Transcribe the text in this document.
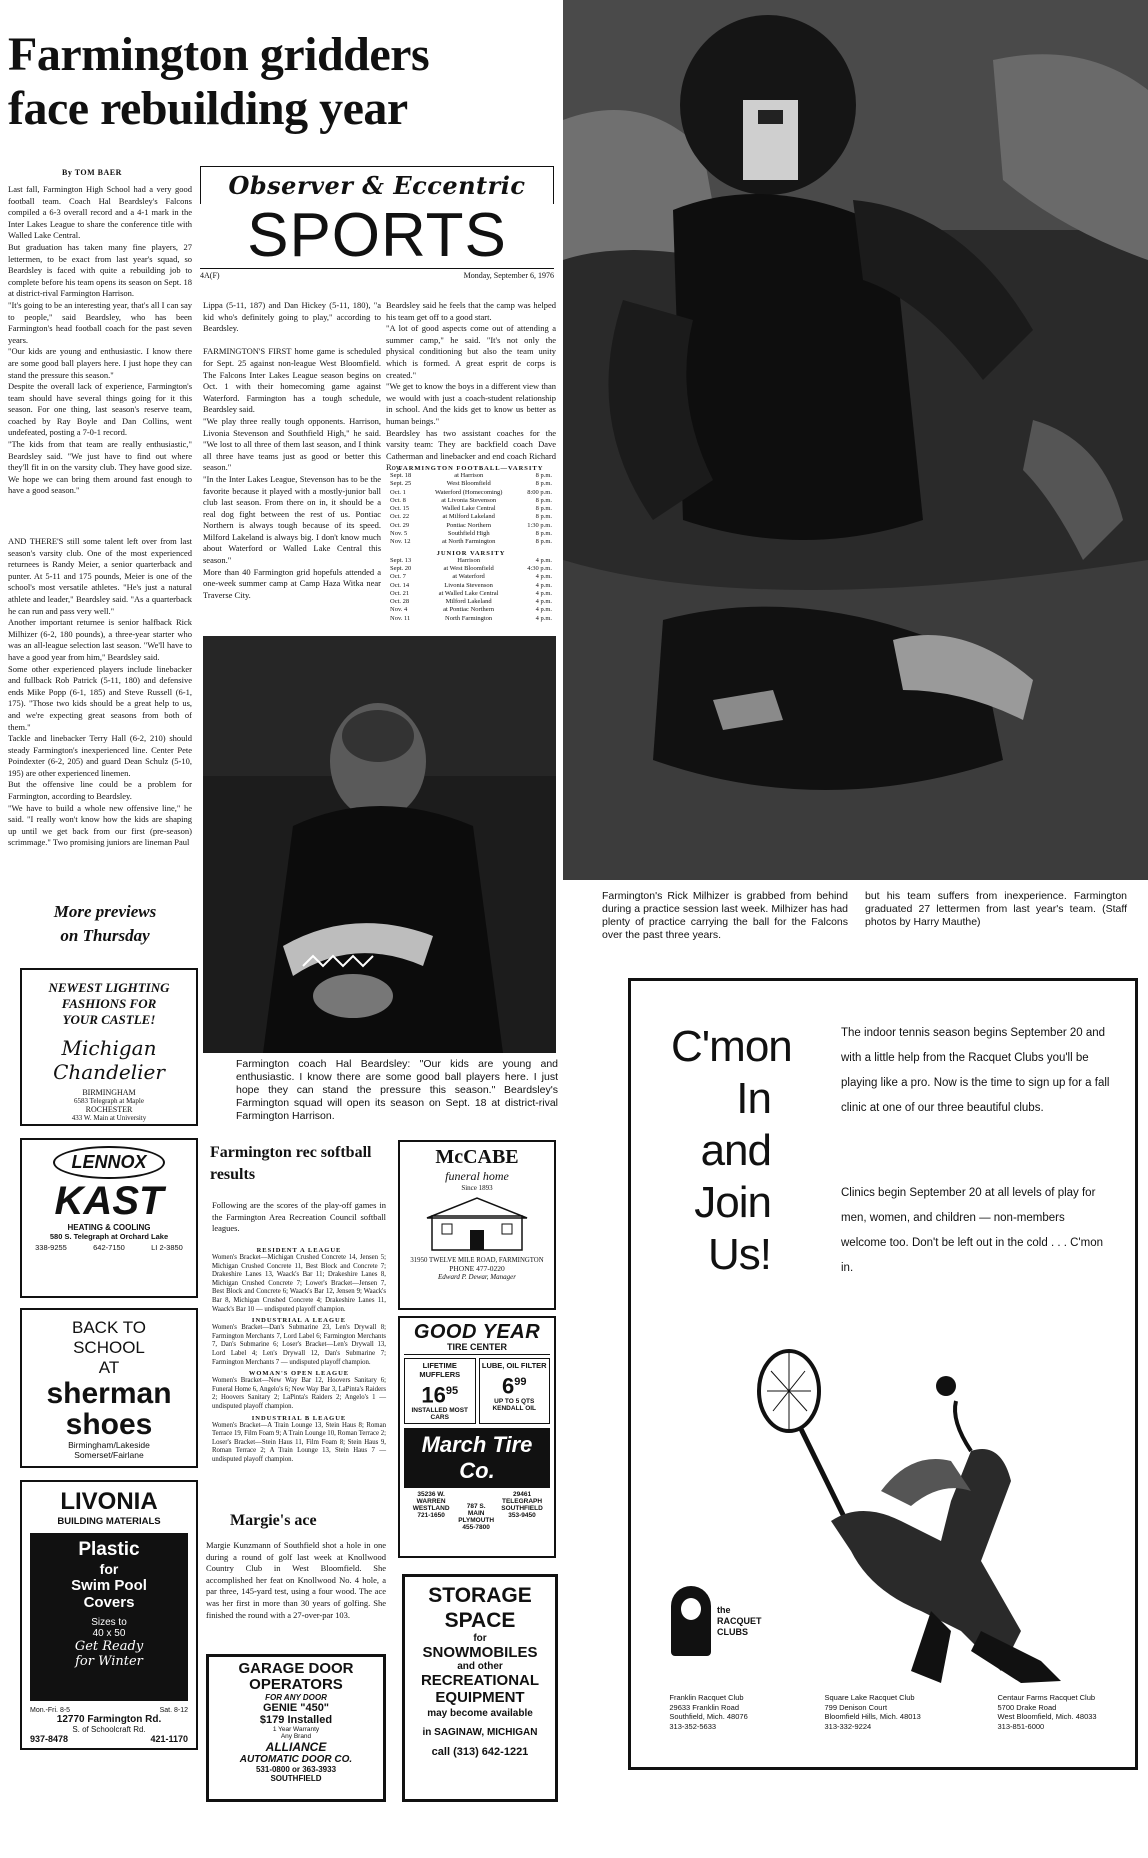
Farmington gridders
face rebuilding year
By TOM BAER
Last fall, Farmington High School had a very good football team. Coach Hal Beardsley's Falcons compiled a 6-3 overall record and a 4-1 mark in the Inter Lakes League to share the conference title with Walled Lake Central.
But graduation has taken many fine players, 27 lettermen, to be exact from last year's squad, so Beardsley is faced with quite a rebuilding job to complete before his team opens its season on Sept. 18 at district-rival Farmington Harrison.
"It's going to be an interesting year, that's all I can say to people," said Beardsley, who has been Farmington's head football coach for the past seven years.
"Our kids are young and enthusiastic. I know there are some good ball players here. I just hope they can stand the pressure this season."
Despite the overall lack of experience, Farmington's team should have several things going for it this season. For one thing, last season's reserve team, coached by Ray Boyle and Dan Collins, went undefeated, posting a 7-0-1 record.
"The kids from that team are really enthusiastic," Beardsley said. "We just have to find out where they'll fit in on the varsity club. They have good size. We hope we can bring them around fast enough to have a good season."
AND THERE'S still some talent left over from last season's varsity club. One of the most experienced returnees is Randy Meier, a senior quarterback and punter. At 5-11 and 175 pounds, Meier is one of the school's most versatile athletes. "He's just a natural athlete and leader," Beardsley said. "As a quarterback he can run and pass very well."
Another important returnee is senior halfback Rick Milhizer (6-2, 180 pounds), a three-year starter who was an all-league selection last season. "We'll have to have a good year from him," Beardsley said.
Some other experienced players include linebacker and fullback Rob Patrick (5-11, 180) and defensive ends Mike Popp (6-1, 185) and Steve Russell (6-1, 175). "Those two kids should be a great help to us, and we're expecting great seasons from both of them."
Tackle and linebacker Terry Hall (6-2, 210) should steady Farmington's inexperienced line. Center Pete Poindexter (6-2, 205) and guard Dean Schulz (5-10, 195) are other experienced linemen.
But the offensive line could be a problem for Farmington, according to Beardsley.
"We have to build a whole new offensive line," he said. "I really won't know how the kids are shaping up until we get back from our first (pre-season) scrimmage." Two promising juniors are lineman Paul
Observer & Eccentric
SPORTS
4A(F)	Monday, September 6, 1976
Lippa (5-11, 187) and Dan Hickey (5-11, 180), "a kid who's definitely going to play," according to Beardsley.

FARMINGTON'S FIRST home game is scheduled for Sept. 25 against non-league West Bloomfield. The Falcons Inter Lakes League season begins on Oct. 1 with their homecoming game against Waterford. Farmington has a tough schedule, Beardsley said.
"We play three really tough opponents. Harrison, Livonia Stevenson and Southfield High," he said. "We lost to all three of them last season, and I think all three have teams just as good or better this season."
"In the Inter Lakes League, Stevenson has to be the favorite because it played with a mostly-junior ball club last season. From there on in, it should be a real dog fight between the rest of us. Pontiac Northern is always tough because of its speed. Milford Lakeland is always big. I don't know much about Waterford or Walled Lake Central this season."
More than 40 Farmington grid hopefuls attended a one-week summer camp at Camp Haza Witka near Traverse City.
Beardsley said he feels that the camp was helped his team get off to a good start.
"A lot of good aspects come out of attending a summer camp," he said. "It's not only the physical conditioning but also the team unity which is formed. A great esprit de corps is created."
"We get to know the boys in a different view than we would with just a coach-student relationship in school. And the kids get to know us better as human beings."
Beardsley has two assistant coaches for the varsity team: They are backfield coach Dave Catherman and linebacker and end coach Richard Roy.
FARMINGTON FOOTBALL—VARSITY
Sept. 18	at Harrison	8 p.m.
Sept. 25	West Bloomfield	8 p.m.
Oct. 1	Waterford (Homecoming)	8:00 p.m.
Oct. 8	at Livonia Stevenson	8 p.m.
Oct. 15	Walled Lake Central	8 p.m.
Oct. 22	at Milford Lakeland	8 p.m.
Oct. 29	Pontiac Northern	1:30 p.m.
Nov. 5	Southfield High	8 p.m.
Nov. 12	at North Farmington	8 p.m.
JUNIOR VARSITY
Sept. 13	Harrison	4 p.m.
Sept. 20	at West Bloomfield	4:30 p.m.
Oct. 7	at Waterford	4 p.m.
Oct. 14	Livonia Stevenson	4 p.m.
Oct. 21	at Walled Lake Central	4 p.m.
Oct. 28	Milford Lakeland	4 p.m.
Nov. 4	at Pontiac Northern	4 p.m.
Nov. 11	North Farmington	4 p.m.
Farmington's Rick Milhizer is grabbed from behind during a practice session last week. Milhizer has had plenty of practice carrying the ball for the Falcons over the past three years.
but his team suffers from inexperience. Farmington graduated 27 lettermen from last year's team. (Staff photos by Harry Mauthe)
More previews
on Thursday
Farmington coach Hal Beardsley: "Our kids are young and enthusiastic. I know there are some good ball players here. I just hope they can stand the pressure this season." Beardsley's Farmington squad will open its season on Sept. 18 at district-rival Farmington Harrison.
NEWEST LIGHTING
FASHIONS FOR
YOUR CASTLE!
Michigan Chandelier
BIRMINGHAM
6583 Telegraph at Maple
ROCHESTER
433 W. Main at University
LENNOX
KAST
HEATING & COOLING
580 S. Telegraph at Orchard Lake
338-9255	642-7150	LI 2-3850
BACK TO
SCHOOL
AT
sherman
shoes
Birmingham/Lakeside
Somerset/Fairlane
LIVONIA
BUILDING MATERIALS
Plastic
for
Swim Pool
Covers
Sizes to
40 x 50
Get Ready
for Winter
Mon.-Fri. 8-5	Sat. 8-12
12770 Farmington Rd.
S. of Schoolcraft Rd.
937-8478	421-1170
Farmington rec softball results
Following are the scores of the play-off games in the Farmington Area Recreation Council softball leagues.
RESIDENT A LEAGUE
Women's Bracket—Michigan Crushed Concrete 14, Jensen 5; Michigan Crushed Concrete 11, Best Block and Concrete 7; Drakeshire Lanes 13, Waack's Bar 11; Drakeshire Lanes 8, Michigan Crushed Concrete 7; Lower's Bracket—Jensen 7, Best Block and Concrete 6; Waack's Bar 12, Jensen 9; Waack's Bar 8, Michigan Crushed Concrete 4; Drakeshire Lanes 11, Waack's Bar 10 — undisputed playoff champion.
INDUSTRIAL A LEAGUE
Women's Bracket—Dan's Submarine 23, Len's Drywall 8; Farmington Merchants 7, Lord Label 6; Farmington Merchants 7, Dan's Submarine 6; Loser's Bracket—Len's Drywall 13, Lord Label 4; Len's Drywall 12, Dan's Submarine 7; Farmington Merchants 7 — undisputed playoff champion.
WOMAN'S OPEN LEAGUE
Women's Bracket—New Way Bar 12, Hoovers Sanitary 6; Funeral Home 6, Angelo's 6; New Way Bar 3, LaPinta's Raiders 2; Hoovers Sanitary 2; LaPinta's Raiders 2; Angelo's 1 — undisputed playoff champion.
INDUSTRIAL B LEAGUE
Women's Bracket—A Train Lounge 13, Stein Haus 8; Roman Terrace 19, Film Foam 9; A Train Lounge 10, Roman Terrace 2; Loser's Bracket—Stein Haus 11, Film Foam 8; Stein Haus 9, Roman Terrace 2; A Train Lounge 13, Stein Haus 7 — undisputed playoff champion.
Margie's ace
Margie Kunzmann of Southfield shot a hole in one during a round of golf last week at Knollwood Country Club in West Bloomfield. She accomplished her feat on Knollwood No. 4 hole, a par three, 145-yard test, using a four wood. The ace was her first in more than 30 years of golfing. She finished the round with a 27-over-par 103.
GARAGE DOOR
OPERATORS
FOR ANY DOOR
GENIE "450"
$179 Installed
1 Year Warranty
Any Brand
ALLIANCE
AUTOMATIC DOOR CO.
531-0800 or 363-3933
SOUTHFIELD
McCABE
funeral home
Since 1893
31950 TWELVE MILE ROAD, FARMINGTON
PHONE 477-0220
Edward P. Dewar, Manager
GOOD YEAR
TIRE CENTER
LIFETIME MUFFLERS
$16^{95}$
INSTALLED MOST CARS
LUBE, OIL FILTER
$6^{99}$
UP TO 5 QTS
KENDALL OIL
March Tire Co.
35236 W. WARREN
WESTLAND
721-1650
787 S. MAIN
PLYMOUTH
455-7800
29461 TELEGRAPH
SOUTHFIELD
353-9450
STORAGE
SPACE
for
SNOWMOBILES
and other
RECREATIONAL
EQUIPMENT
may become available
in SAGINAW, MICHIGAN
call (313) 642-1221
C'mon
In and
Join
Us!
The indoor tennis season begins September 20 and with a little help from the Racquet Clubs you'll be playing like a pro. Now is the time to sign up for a fall clinic at one of our three beautiful clubs.
Clinics begin September 20 at all levels of play for men, women, and children — non-members welcome too. Don't be left out in the cold . . . C'mon in.
the
RACQUET
CLUBS
Franklin Racquet Club
29633 Franklin Road
Southfield, Mich. 48076
313-352-5633
Square Lake Racquet Club
799 Denison Court
Bloomfield Hills, Mich. 48013
313-332-9224
Centaur Farms Racquet Club
5700 Drake Road
West Bloomfield, Mich. 48033
313-851-6000
